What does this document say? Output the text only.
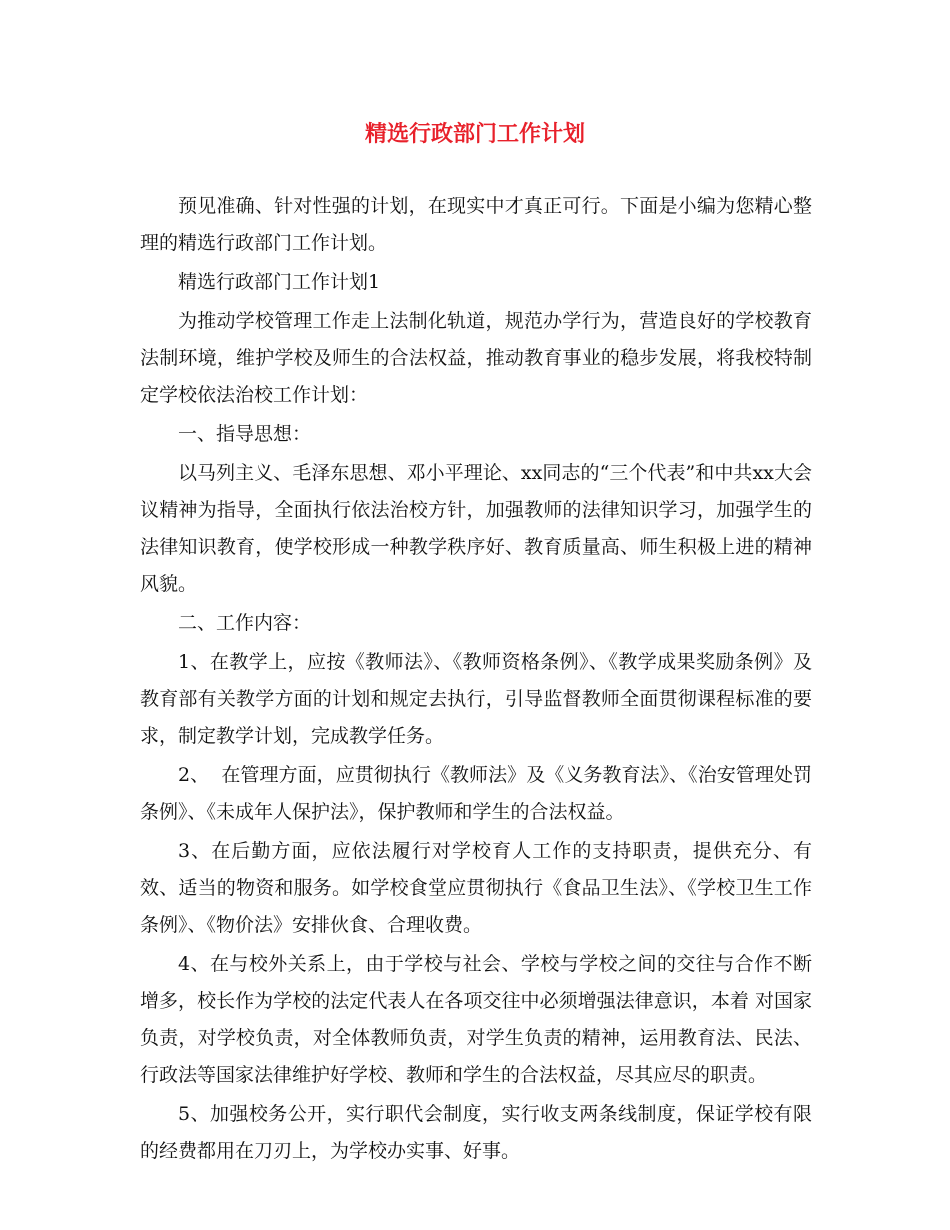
精选行政部门工作计划

预见准确、针对性强的计划，在现实中才真正可行。下面是小编为您精心整理的精选行政部门工作计划。

精选行政部门工作计划1

为推动学校管理工作走上法制化轨道，规范办学行为，营造良好的学校教育法制环境，维护学校及师生的合法权益，推动教育事业的稳步发展，将我校特制定学校依法治校工作计划：

一、指导思想：

以马列主义、毛泽东思想、邓小平理论、xx同志的“三个代表”和中共xx大会议精神为指导，全面执行依法治校方针，加强教师的法律知识学习，加强学生的法律知识教育，使学校形成一种教学秩序好、教育质量高、师生积极上进的精神风貌。

二、工作内容：

1、在教学上，应按《教师法》、《教师资格条例》、《教学成果奖励条例》及教育部有关教学方面的计划和规定去执行，引导监督教师全面贯彻课程标准的要求，制定教学计划，完成教学任务。

2、  在管理方面，应贯彻执行《教师法》及《义务教育法》、《治安管理处罚条例》、《未成年人保护法》，保护教师和学生的合法权益。

3、在后勤方面，应依法履行对学校育人工作的支持职责，提供充分、有效、适当的物资和服务。如学校食堂应贯彻执行《食品卫生法》、《学校卫生工作条例》、《物价法》安排伙食、合理收费。

4、在与校外关系上，由于学校与社会、学校与学校之间的交往与合作不断增多，校长作为学校的法定代表人在各项交往中必须增强法律意识，本着 对国家负责，对学校负责，对全体教师负责，对学生负责的精神，运用教育法、民法、行政法等国家法律维护好学校、教师和学生的合法权益，尽其应尽的职责。

5、加强校务公开，实行职代会制度，实行收支两条线制度，保证学校有限的经费都用在刀刃上，为学校办实事、好事。
